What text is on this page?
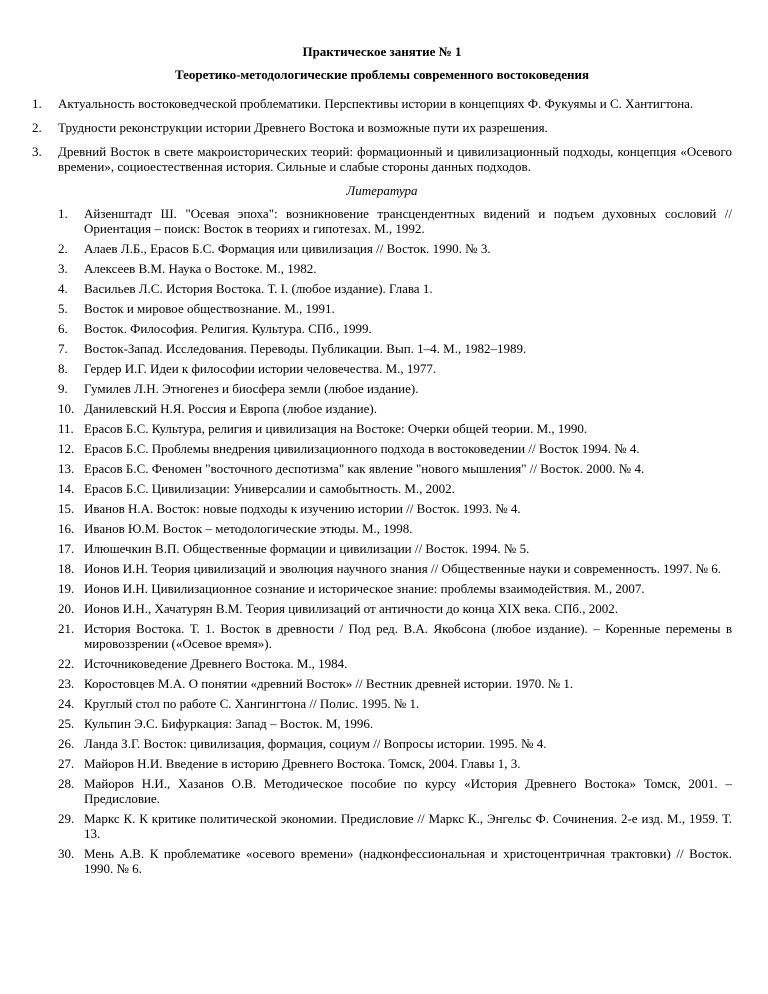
Практическое занятие № 1
Теоретико-методологические проблемы современного востоковедения
1.	Актуальность востоковедческой проблематики. Перспективы истории в концепциях Ф. Фукуямы и С. Хантигтона.
2.	Трудности реконструкции истории Древнего Востока и возможные пути их разрешения.
3.	Древний Восток в свете макроисторических теорий: формационный и цивилизационный подходы, концепция «Осевого времени», социоестественная история. Сильные и слабые стороны данных подходов.
Литература
1.	Айзенштадт Ш. "Осевая эпоха": возникновение трансцендентных видений и подъем духовных сословий // Ориентация – поиск: Восток в теориях и гипотезах. М., 1992.
2.	Алаев Л.Б., Ерасов Б.С. Формация или цивилизация // Восток. 1990. № 3.
3.	Алексеев В.М. Наука о Востоке. М., 1982.
4.	Васильев Л.С. История Востока. Т. I. (любое издание). Глава 1.
5.	Восток и мировое обществознание. М., 1991.
6.	Восток. Философия. Религия. Культура. СПб., 1999.
7.	Восток-Запад. Исследования. Переводы. Публикации. Вып. 1–4. М., 1982–1989.
8.	Гердер И.Г. Идеи к философии истории человечества. М., 1977.
9.	Гумилев Л.Н. Этногенез и биосфера земли (любое издание).
10. Данилевский Н.Я. Россия и Европа (любое издание).
11. Ерасов Б.С. Культура, религия и цивилизация на Востоке: Очерки общей теории. М., 1990.
12. Ерасов Б.С. Проблемы внедрения цивилизационного подхода в востоковедении // Восток 1994. № 4.
13. Ерасов Б.С. Феномен "восточного деспотизма" как явление "нового мышления" // Восток. 2000. № 4.
14. Ерасов Б.С. Цивилизации: Универсалии и самобытность. М., 2002.
15. Иванов Н.А. Восток: новые подходы к изучению истории // Восток. 1993. № 4.
16. Иванов Ю.М. Восток – методологические этюды. М., 1998.
17. Илюшечкин В.П. Общественные формации и цивилизации // Восток. 1994. № 5.
18. Ионов И.Н. Теория цивилизаций и эволюция научного знания // Общественные науки и современность. 1997. № 6.
19. Ионов И.Н. Цивилизационное сознание и историческое знание: проблемы взаимодействия. М., 2007.
20. Ионов И.Н., Хачатурян В.М. Теория цивилизаций от античности до конца XIX века. СПб., 2002.
21. История Востока. Т. 1. Восток в древности / Под ред. В.А. Якобсона (любое издание). – Коренные перемены в мировоззрении («Осевое время»).
22. Источниковедение Древнего Востока. М., 1984.
23. Коростовцев М.А. О понятии «древний Восток» // Вестник древней истории. 1970. № 1.
24. Круглый стол по работе С. Хангингтона // Полис. 1995. № 1.
25. Кульпин Э.С. Бифуркация: Запад – Восток. М, 1996.
26. Ланда З.Г. Восток: цивилизация, формация, социум // Вопросы истории. 1995. № 4.
27. Майоров Н.И. Введение в историю Древнего Востока. Томск, 2004. Главы 1, 3.
28. Майоров Н.И., Хазанов О.В. Методическое пособие по курсу «История Древнего Востока» Томск, 2001. – Предисловие.
29. Маркс К. К критике политической экономии. Предисловие // Маркс К., Энгельс Ф. Сочинения. 2-е изд. М., 1959. Т. 13.
30. Мень А.В. К проблематике «осевого времени» (надконфессиональная и христоцентричная трактовки) // Восток. 1990. № 6.
